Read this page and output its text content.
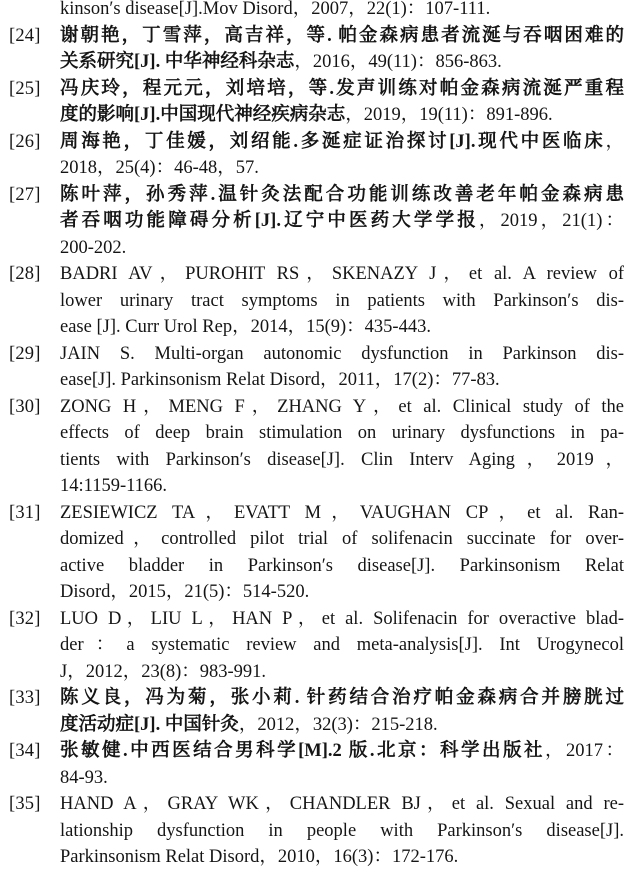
kinson′s disease[J].Mov Disord，2007，22(1)：107-111.
[24]	谢朝艳，丁雪萍，高吉祥，等. 帕金森病患者流涎与吞咽困难的
关系研究[J]. 中华神经科杂志，2016，49(11)：856-863.
[25]	冯庆玲，程元元，刘培培，等.发声训练对帕金森病流涎严重程
度的影响[J].中国现代神经疾病杂志，2019，19(11)：891-896.
[26]	周海艳，丁佳媛，刘绍能.多涎症证治探讨[J].现代中医临床，
2018，25(4)：46-48，57.
[27]	陈叶萍，孙秀萍.温针灸法配合功能训练改善老年帕金森病患
者吞咽功能障碍分析[J].辽宁中医药大学学报，2019，21(1)：
200-202.
[28]	BADRI AV，PUROHIT RS，SKENAZY J，et al. A review of
lower urinary tract symptoms in patients with Parkinson′s dis-
ease [J]. Curr Urol Rep，2014，15(9)：435-443.
[29]	JAIN S. Multi-organ autonomic dysfunction in Parkinson dis-
ease[J]. Parkinsonism Relat Disord，2011，17(2)：77-83.
[30]	ZONG H，MENG F，ZHANG Y，et al. Clinical study of the
effects of deep brain stimulation on urinary dysfunctions in pa-
tients with Parkinson′s disease[J]. Clin Interv Aging，2019，
14:1159-1166.
[31]	ZESIEWICZ TA，EVATT M，VAUGHAN CP，et al. Ran-
domized，controlled pilot trial of solifenacin succinate for over-
active bladder in Parkinson′s disease[J]. Parkinsonism Relat
Disord，2015，21(5)：514-520.
[32]	LUO D，LIU L，HAN P，et al. Solifenacin for overactive blad-
der：a systematic review and meta-analysis[J]. Int Urogynecol
J，2012，23(8)：983-991.
[33]	陈义良，冯为菊，张小莉. 针药结合治疗帕金森病合并膀胱过
度活动症[J]. 中国针灸，2012，32(3)：215-218.
[34]	张敏健.中西医结合男科学[M].2 版.北京：科学出版社，2017：
84-93.
[35]	HAND A，GRAY WK，CHANDLER BJ，et al. Sexual and re-
lationship dysfunction in people with Parkinson′s disease[J].
Parkinsonism Relat Disord，2010，16(3)：172-176.
